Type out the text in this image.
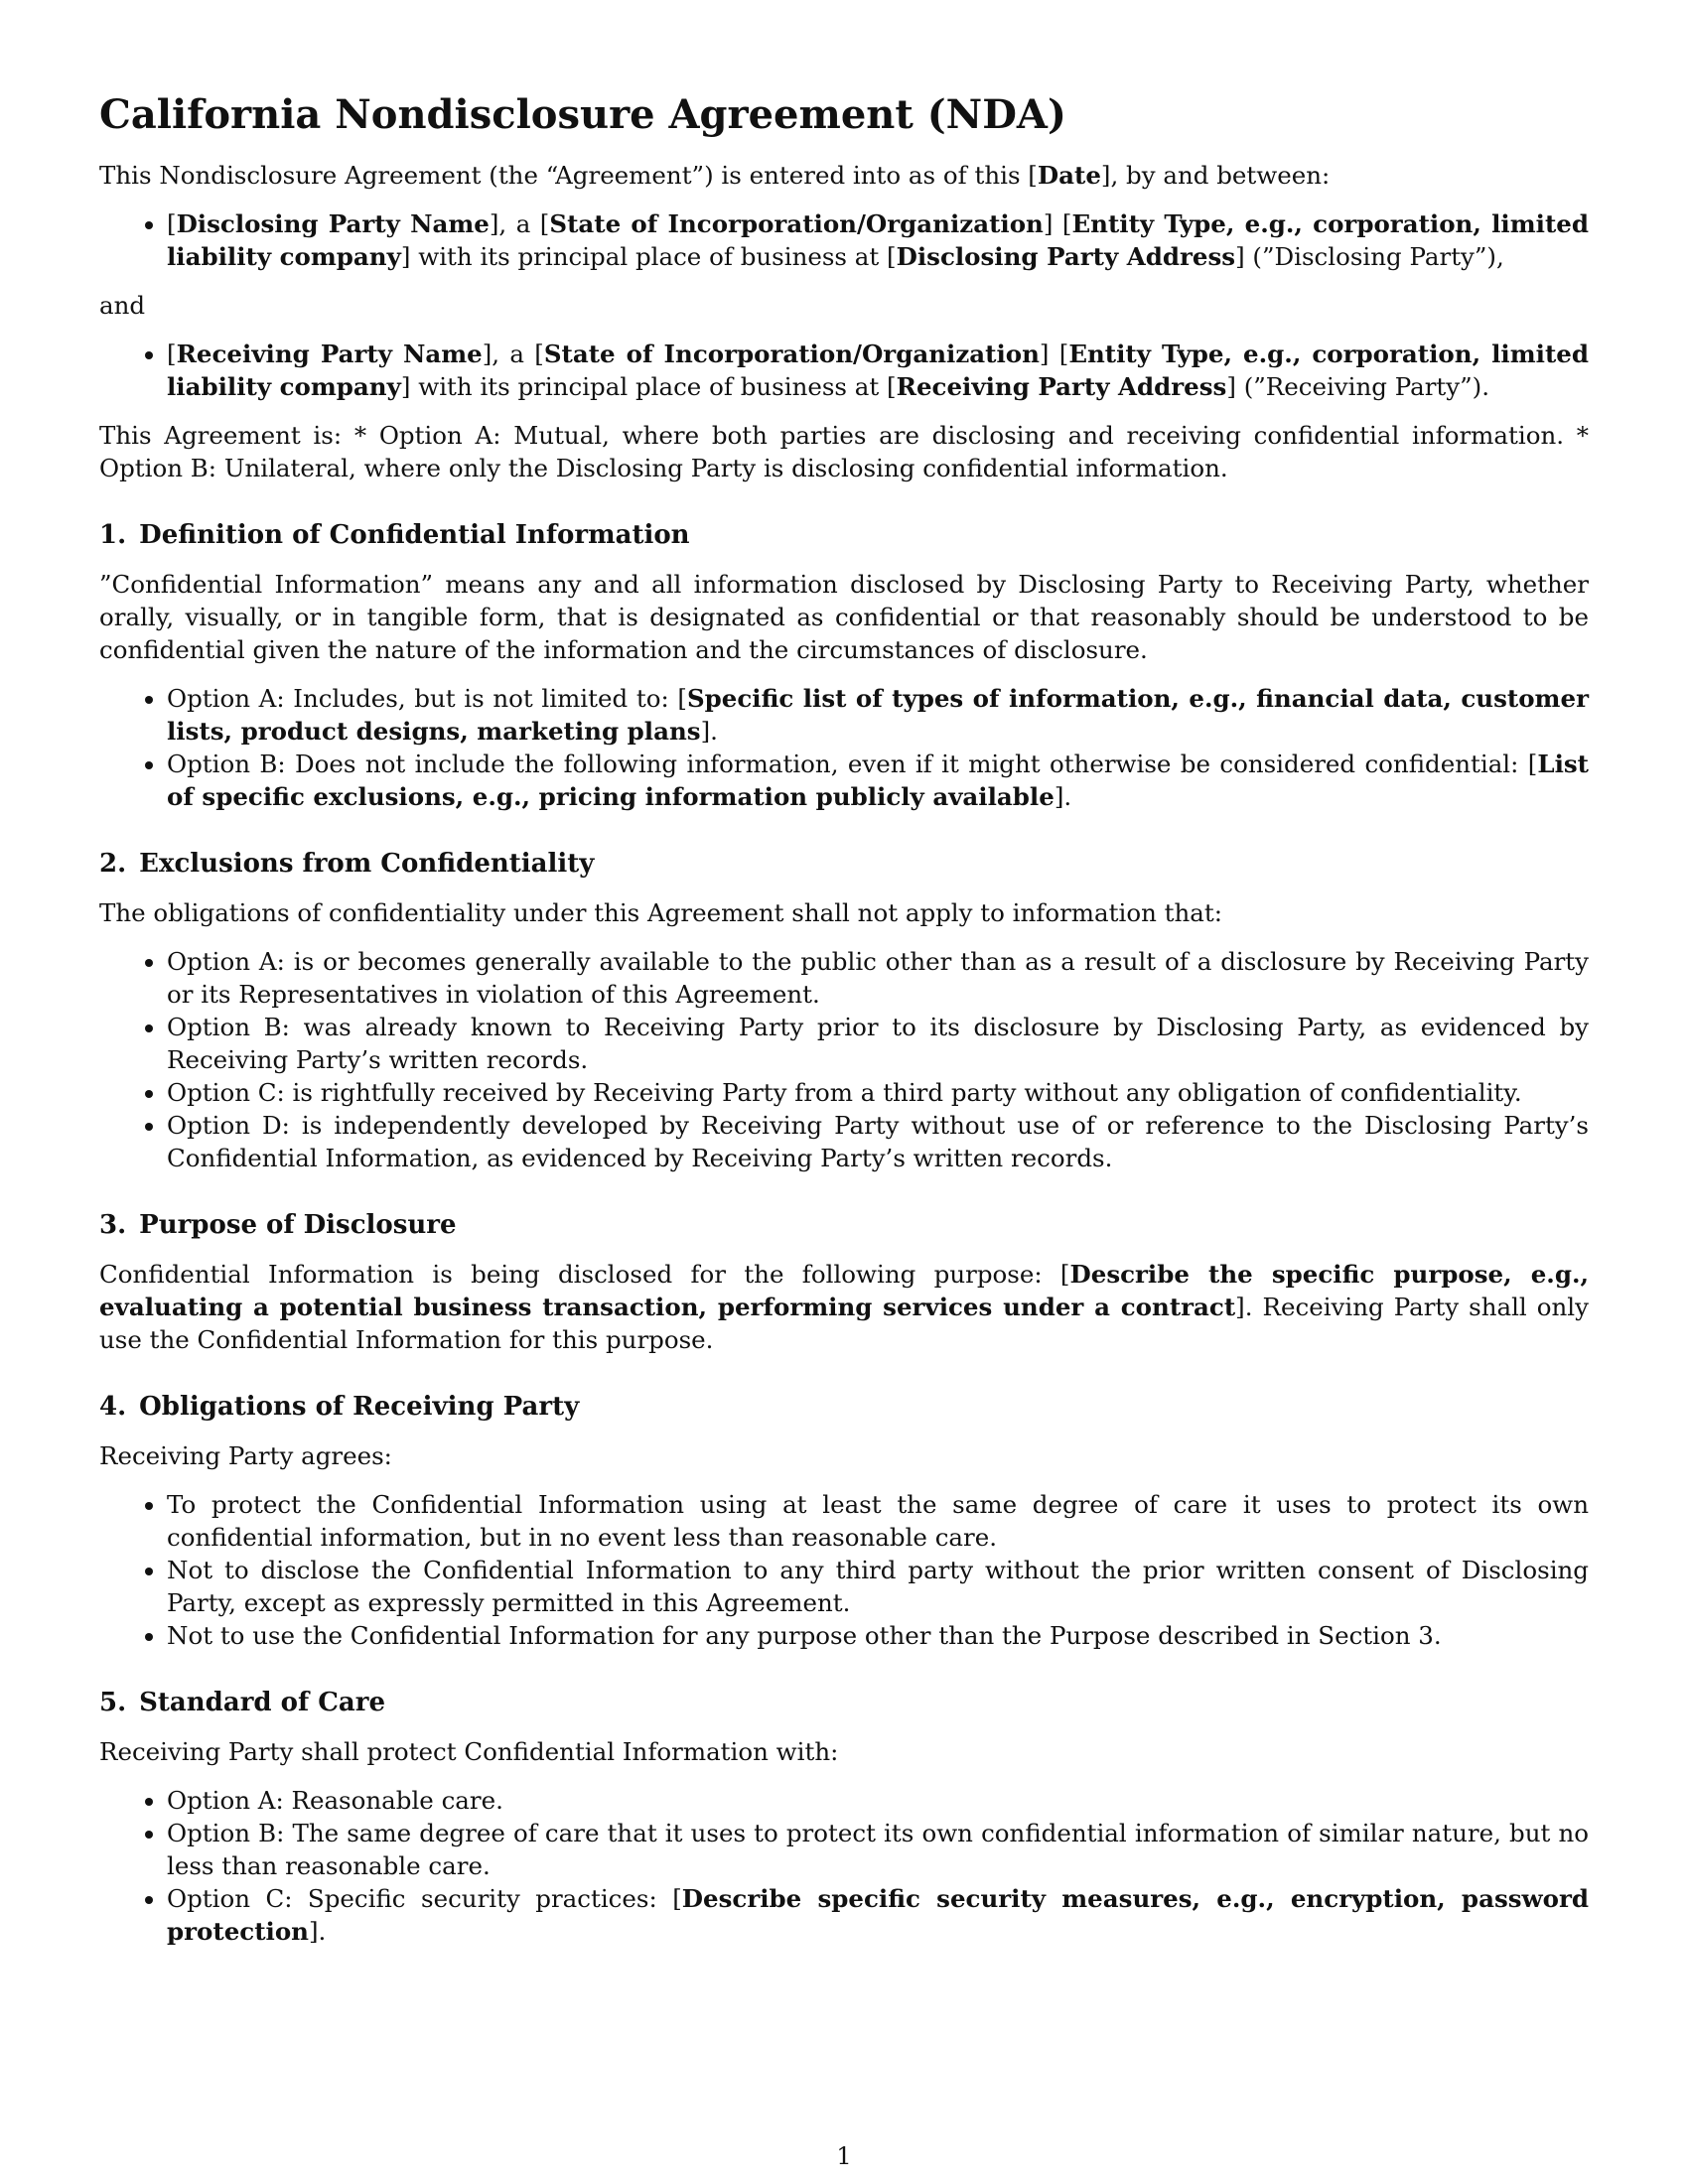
California Nondisclosure Agreement (NDA)

This Nondisclosure Agreement (the “Agreement”) is entered into as of this [Date], by and between:

• [Disclosing Party Name], a [State of Incorporation/Organization] [Entity Type, e.g., corporation, limited liability company] with its principal place of business at [Disclosing Party Address] (”Disclosing Party”),

and

• [Receiving Party Name], a [State of Incorporation/Organization] [Entity Type, e.g., corporation, limited liability company] with its principal place of business at [Receiving Party Address] (”Receiving Party”).

This Agreement is: * Option A: Mutual, where both parties are disclosing and receiving confidential information. * Option B: Unilateral, where only the Disclosing Party is disclosing confidential information.

1. Definition of Confidential Information

”Confidential Information” means any and all information disclosed by Disclosing Party to Receiving Party, whether orally, visually, or in tangible form, that is designated as confidential or that reasonably should be understood to be confidential given the nature of the information and the circumstances of disclosure.

• Option A: Includes, but is not limited to: [Specific list of types of information, e.g., financial data, customer lists, product designs, marketing plans].
• Option B: Does not include the following information, even if it might otherwise be considered confidential: [List of specific exclusions, e.g., pricing information publicly available].
2. Exclusions from Confidentiality

The obligations of confidentiality under this Agreement shall not apply to information that:

• Option A: is or becomes generally available to the public other than as a result of a disclosure by Receiving Party or its Representatives in violation of this Agreement.
• Option B: was already known to Receiving Party prior to its disclosure by Disclosing Party, as evidenced by Receiving Party’s written records.
• Option C: is rightfully received by Receiving Party from a third party without any obligation of confidentiality.
• Option D: is independently developed by Receiving Party without use of or reference to the Disclosing Party’s Confidential Information, as evidenced by Receiving Party’s written records.
3. Purpose of Disclosure

Confidential Information is being disclosed for the following purpose: [Describe the specific purpose, e.g., evaluating a potential business transaction, performing services under a contract]. Receiving Party shall only use the Confidential Information for this purpose.

4. Obligations of Receiving Party

Receiving Party agrees:

• To protect the Confidential Information using at least the same degree of care it uses to protect its own confidential information, but in no event less than reasonable care.
• Not to disclose the Confidential Information to any third party without the prior written consent of Disclosing Party, except as expressly permitted in this Agreement.
• Not to use the Confidential Information for any purpose other than the Purpose described in Section 3.
5. Standard of Care

Receiving Party shall protect Confidential Information with:

• Option A: Reasonable care.
• Option B: The same degree of care that it uses to protect its own confidential information of similar nature, but no less than reasonable care.
• Option C: Specific security practices: [Describe specific security measures, e.g., encryption, password protection].
1
